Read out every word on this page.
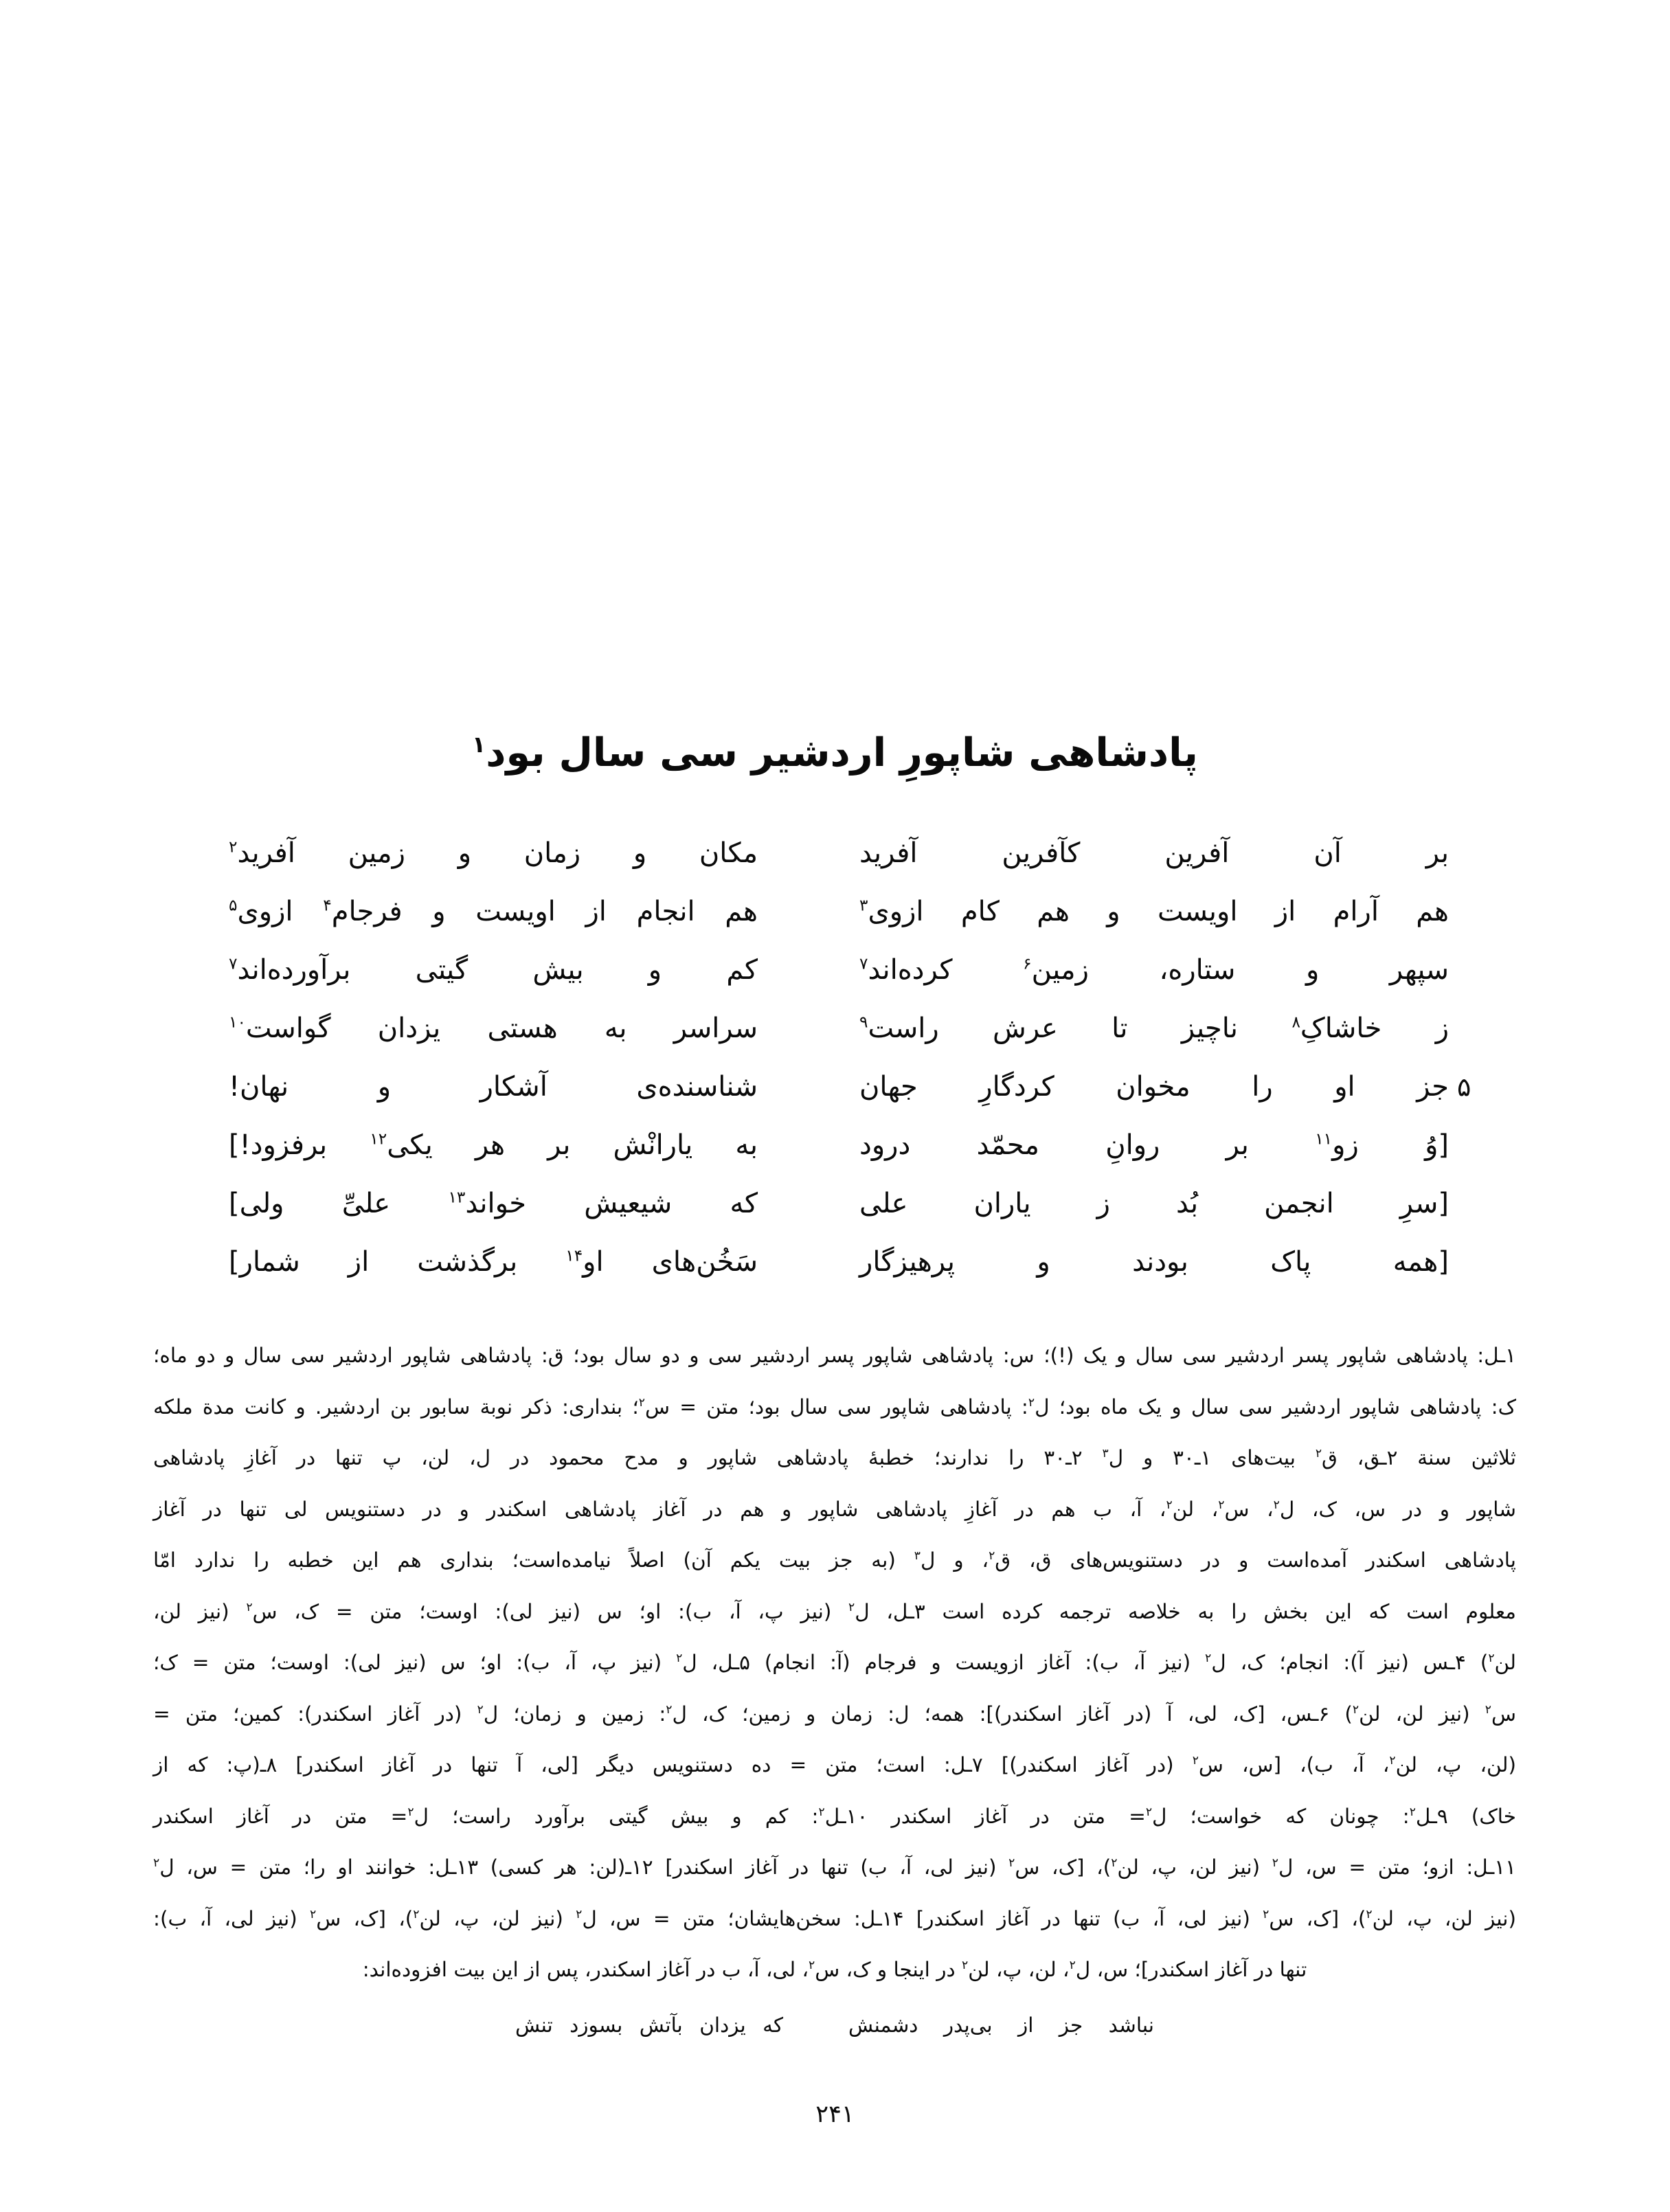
پادشاهی شاپورِ اردشیر سی سال بود$^۱$
بر آن آفرین کآفرین آفرید
مکان و زمان و زمین آفرید$^۲$
هم آرام از اویست و هم کام ازوی$^۳$
هم انجام از اویست و فرجام$^۴$ ازوی$^۵$
سپهر و ستاره، زمین$^۶$ کرده‌اند$^۷$
کم و بیش گیتی برآورده‌اند$^۷$
ز خاشاکِ$^۸$ ناچیز تا عرش راست$^۹$
سراسر به هستی یزدان گواست$^{۱۰}$
۵
جز او را مخوان کردگارِ جهان
شناسنده‌ی آشکار و نهان!
[وُ زو$^{۱۱}$ بر روانِ محمّد درود
به یارانْش بر هر یکی$^{۱۲}$ برفزود!]
[سرِ انجمن بُد ز یاران علی
که شیعیش خواند$^{۱۳}$ علیِّ ولی]
[همه پاک بودند و پرهیزگار
سَخُن‌های او$^{۱۴}$ برگذشت از شمار]
۱ـل: پادشاهی شاپور پسر اردشیر سی سال و یک (!)؛ س: پادشاهی شاپور پسر اردشیر سی و دو سال بود؛ ق: پادشاهی شاپور اردشیر سی سال و دو ماه؛
ک: پادشاهی شاپور اردشیر سی سال و یک ماه بود؛ ل$^۲$: پادشاهی شاپور سی سال بود؛ متن = س$^۲$؛ بنداری: ذکر نوبة سابور بن اردشیر. و کانت مدة ملکه
ثلاثین سنة ۲ـق، ق$^۲$ بیت‌های ۱ـ۳۰ و ل$^۳$ ۲ـ۳۰ را ندارند؛ خطبهٔ پادشاهی شاپور و مدح محمود در ل، لن، پ تنها در آغازِ پادشاهی
شاپور و در س، ک، ل$^۲$، س$^۲$، لن$^۲$، آ، ب هم در آغازِ پادشاهی شاپور و هم در آغاز پادشاهی اسکندر و در دستنویس لی تنها در آغاز
پادشاهی اسکندر آمده‌است و در دستنویس‌های ق، ق$^۲$، و ل$^۳$ (به جز بیت یکم آن) اصلاً نیامده‌است؛ بنداری هم این خطبه را ندارد امّا
معلوم است که این بخش را به خلاصه ترجمه کرده است ۳ـل، ل$^۲$ (نیز پ، آ، ب): او؛ س (نیز لی): اوست؛ متن = ک، س$^۲$ (نیز لن،
لن$^۲$) ۴ـس (نیز آ): انجام؛ ک، ل$^۲$ (نیز آ، ب): آغاز ازویست و فرجام (آ: انجام) ۵ـل، ل$^۲$ (نیز پ، آ، ب): او؛ س (نیز لی): اوست؛ متن = ک؛
س$^۲$ (نیز لن، لن$^۲$) ۶ـس، [ک، لی، آ (در آغاز اسکندر)]: همه؛ ل: زمان و زمین؛ ک، ل$^۲$: زمین و زمان؛ ل$^۲$ (در آغاز اسکندر): کمین؛ متن =
(لن، پ، لن$^۲$، آ، ب)، [س، س$^۲$ (در آغاز اسکندر)] ۷ـل: است؛ متن = ده دستنویس دیگر [لی، آ تنها در آغاز اسکندر] ۸ـ(پ: که از
خاک) ۹ـل$^۲$: چونان که خواست؛ ل$^۲$= متن در آغاز اسکندر ۱۰ـل$^۲$: کم و بیش گیتی برآورد راست؛ ل$^۲$= متن در آغاز اسکندر
۱۱ـل: ازو؛ متن = س، ل$^۲$ (نیز لن، پ، لن$^۲$)، [ک، س$^۲$ (نیز لی، آ، ب) تنها در آغاز اسکندر] ۱۲ـ(لن: هر کسی) ۱۳ـل: خوانند او را؛ متن = س، ل$^۲$
(نیز لن، پ، لن$^۲$)، [ک، س$^۲$ (نیز لی، آ، ب) تنها در آغاز اسکندر] ۱۴ـل: سخن‌هایشان؛ متن = س، ل$^۲$ (نیز لن، پ، لن$^۲$)، [ک، س$^۲$ (نیز لی، آ، ب):
تنها در آغاز اسکندر]؛ س، ل$^۲$، لن، پ، لن$^۲$ در اینجا و ک، س$^۲$، لی، آ، ب در آغاز اسکندر، پس از این بیت افزوده‌اند:
نباشد جز از بی‌پدر دشمنش
که یزدان بآتش بسوزد تنش
۲۴۱
